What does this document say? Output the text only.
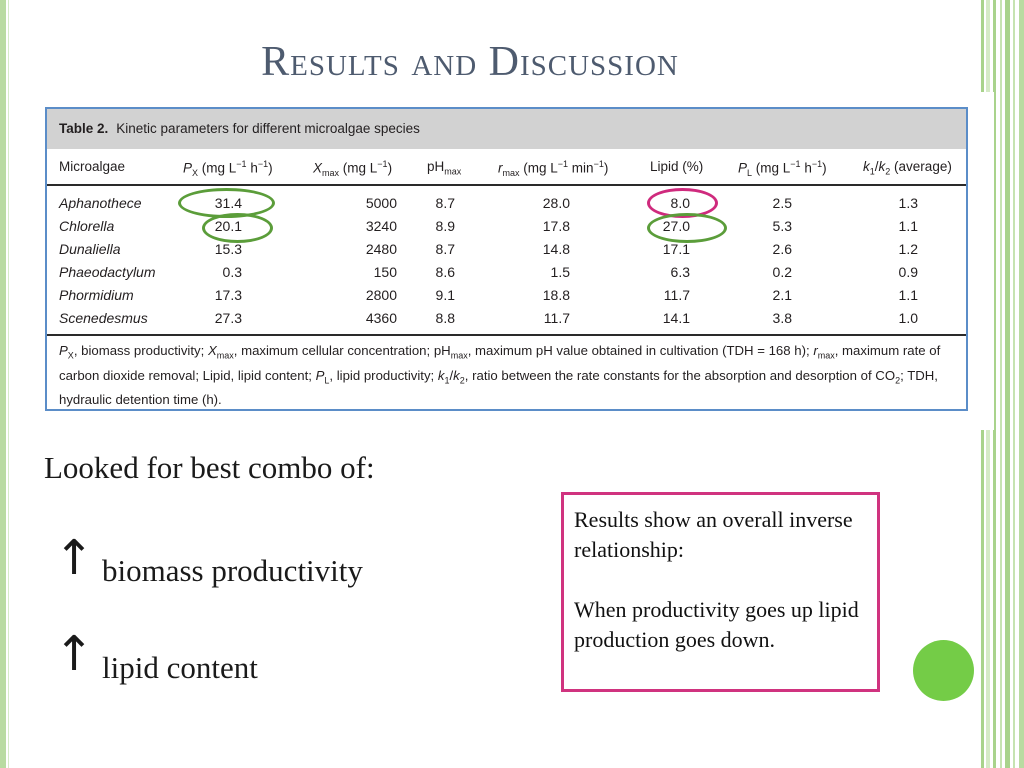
Results and Discussion
Table 2. Kinetic parameters for different microalgae species
Microalgae	$P_X$ (mg $L^{-1}$ $h^{-1}$)	$X_{max}$ (mg $L^{-1}$)	$pH_{max}$	$r_{max}$ (mg $L^{-1}$ $\min^{-1}$)	Lipid (%)	$P_L$ (mg $L^{-1}$ $h^{-1}$)	$k_1/k_2$ (average)
Aphanothece	31.4	5000	8.7	28.0	8.0	2.5	1.3
Chlorella	20.1	3240	8.9	17.8	27.0	5.3	1.1
Dunaliella	15.3	2480	8.7	14.8	17.1	2.6	1.2
Phaeodactylum	0.3	150	8.6	1.5	6.3	0.2	0.9
Phormidium	17.3	2800	9.1	18.8	11.7	2.1	1.1
Scenedesmus	27.3	4360	8.8	11.7	14.1	3.8	1.0
$P_X$, biomass productivity; $X_{max}$, maximum cellular concentration; $pH_{max}$, maximum pH value obtained in cultivation (TDH = 168 h); $r_{max}$, maximum rate of carbon dioxide removal; Lipid, lipid content; $P_L$, lipid productivity; $k_1/k_2$, ratio between the rate constants for the absorption and desorption of $CO_2$; TDH, hydraulic detention time (h).
Looked for best combo of:
↑ biomass productivity
↑ lipid content

Results show an overall inverse relationship:

When productivity goes up lipid production goes down.
